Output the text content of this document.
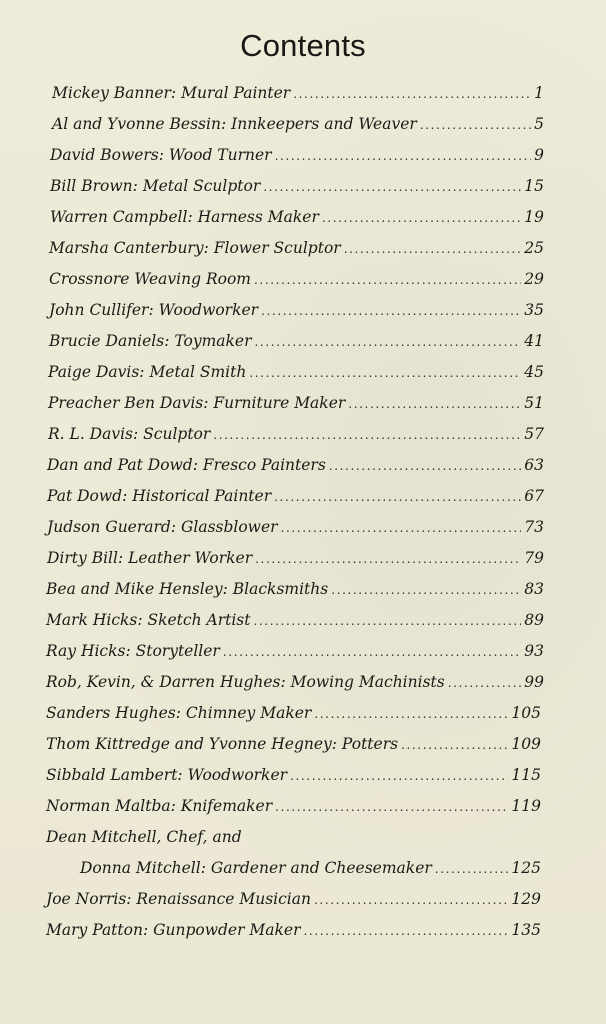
Contents
Mickey Banner: Mural Painter .....	1
Al and Yvonne Bessin: Innkeepers and Weaver .....	5
David Bowers: Wood Turner .....	9
Bill Brown: Metal Sculptor .....	15
Warren Campbell: Harness Maker .....	19
Marsha Canterbury: Flower Sculptor .....	25
Crossnore Weaving Room .....	29
John Cullifer: Woodworker .....	35
Brucie Daniels: Toymaker .....	41
Paige Davis: Metal Smith .....	45
Preacher Ben Davis: Furniture Maker .....	51
R. L. Davis: Sculptor .....	57
Dan and Pat Dowd: Fresco Painters .....	63
Pat Dowd: Historical Painter .....	67
Judson Guerard: Glassblower .....	73
Dirty Bill: Leather Worker .....	79
Bea and Mike Hensley: Blacksmiths .....	83
Mark Hicks: Sketch Artist .....	89
Ray Hicks: Storyteller .....	93
Rob, Kevin, & Darren Hughes: Mowing Machinists .....	99
Sanders Hughes: Chimney Maker .....	105
Thom Kittredge and Yvonne Hegney: Potters .....	109
Sibbald Lambert: Woodworker .....	115
Norman Maltba: Knifemaker .....	119
Dean Mitchell, Chef, and
Donna Mitchell: Gardener and Cheesemaker .....	125
Joe Norris: Renaissance Musician .....	129
Mary Patton: Gunpowder Maker .....	135
